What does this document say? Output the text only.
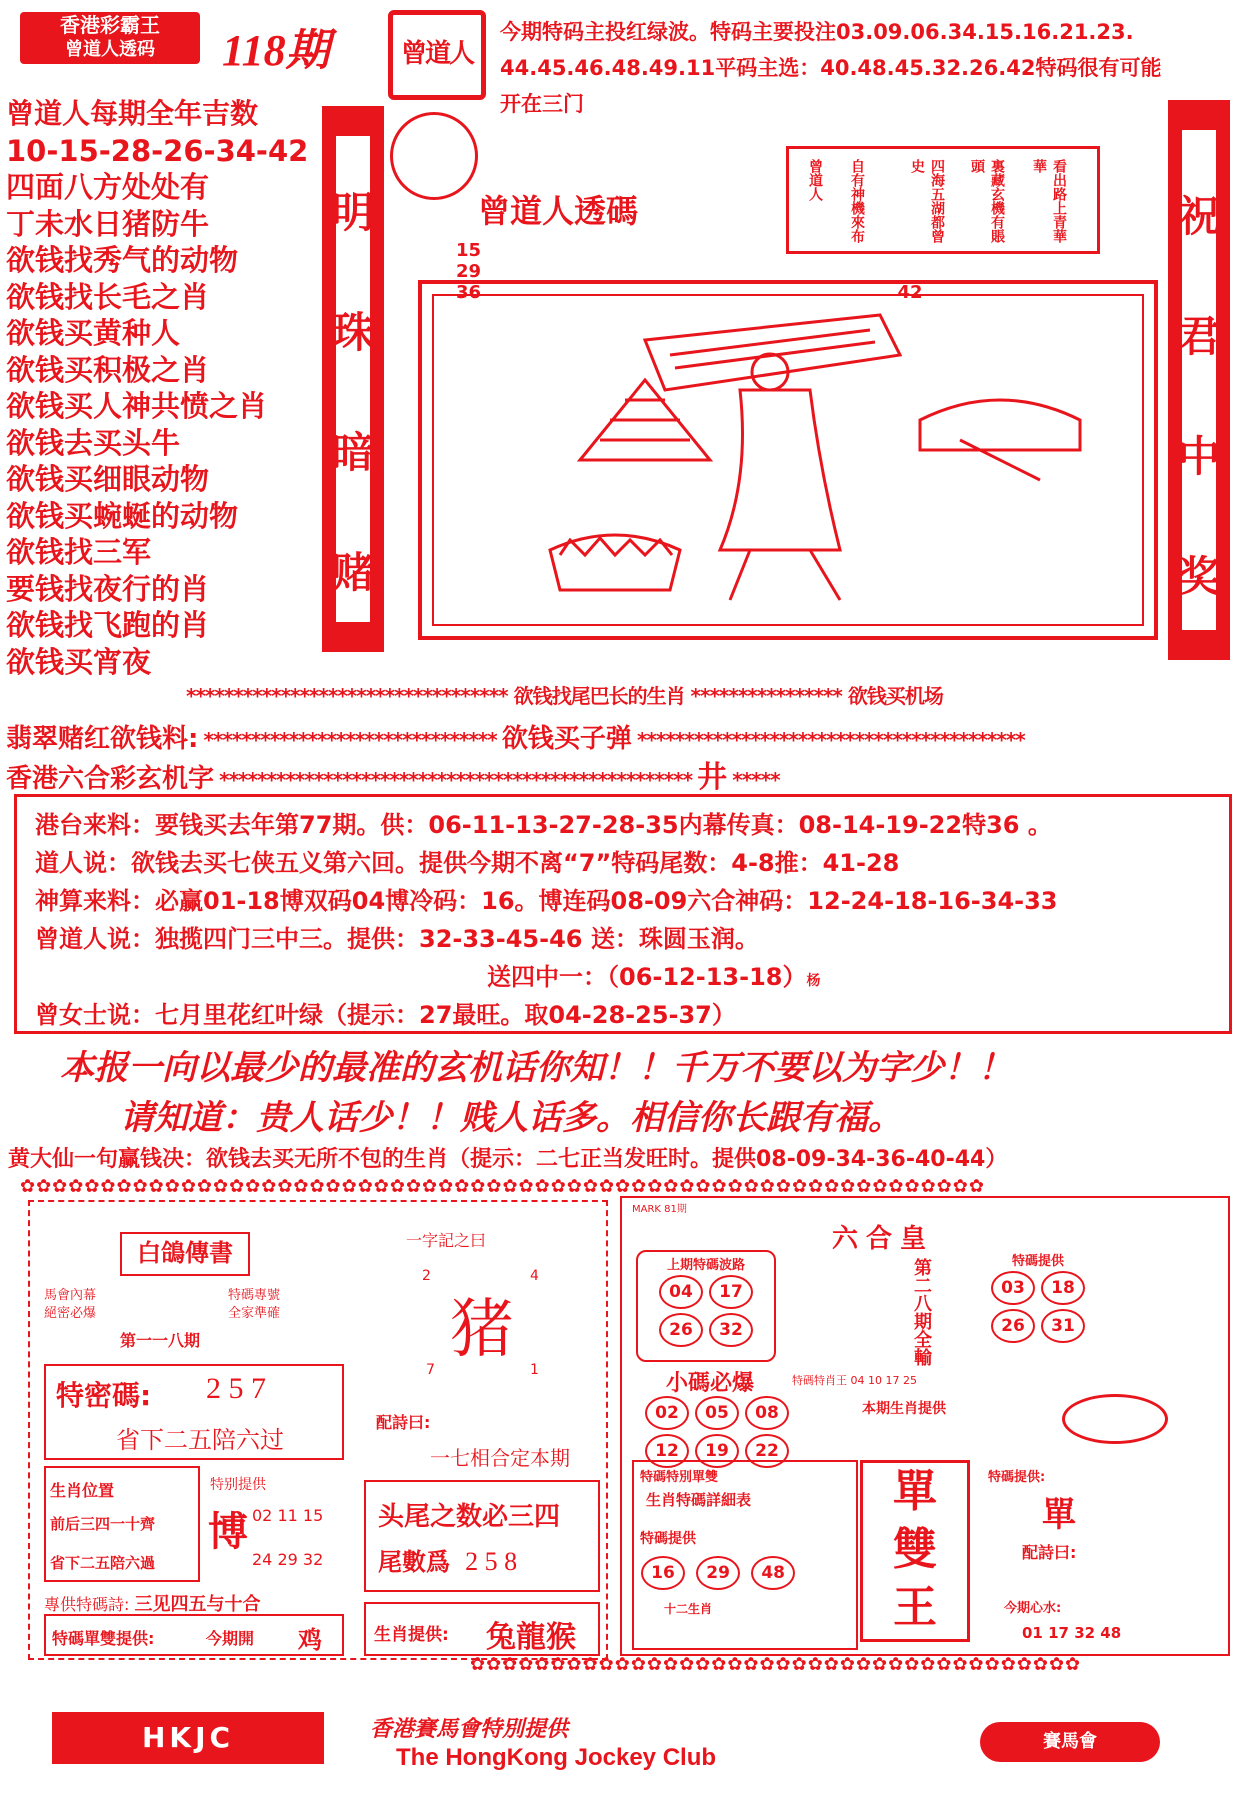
香港彩霸王
曾道人透码	118期	曾道人
今期特码主投红绿波。特码主要投注03.09.06.34.15.16.21.23.
44.45.46.48.49.11平码主选：40.48.45.32.26.42特码很有可能
开在三门
曾道人每期全年吉数
10-15-28-26-34-42
四面八方处处有
丁未水日猪防牛
欲钱找秀气的动物
欲钱找长毛之肖
欲钱买黄种人
欲钱买积极之肖
欲钱买人神共愤之肖
欲钱去买头牛
欲钱买细眼动物
欲钱买蜿蜒的动物
欲钱找三军
要钱找夜行的肖
欲钱找飞跑的肖
欲钱买宵夜
明
珠
暗
赌
祝
君
中
奖
曾道人透碼
15         29         36	42
曾道人 自有神機來布	四海五湖都曾史	裏藏玄機有賬頭	看出路上青華華
********************************** 欲钱找尾巴长的生肖 **************** 欲钱买机场
翡翠赌红欲钱料: ******************************* 欲钱买子弹 *****************************************
香港六合彩玄机字 ************************************************** 井 *****
港台来料：要钱买去年第77期。供：06-11-13-27-28-35内幕传真：08-14-19-22特36 。
道人说：欲钱去买七侠五义第六回。提供今期不离“7”特码尾数：4-8推：41-28
神算来料：必赢01-18博双码04博冷码：16。博连码08-09六合神码：12-24-18-16-34-33
曾道人说：独揽四门三中三。提供：32-33-45-46 送：珠圆玉润。
送四中一：（06-12-13-18）杨
曾女士说：七月里花红叶绿（提示：27最旺。取04-28-25-37）
本报一向以最少的最准的玄机话你知！！千万不要以为字少！！
请知道：贵人话少！！贱人话多。相信你长跟有福。
黄大仙一句赢钱决：欲钱去买无所不包的生肖（提示：二七正当发旺时。提供08-09-34-36-40-44）
✿✿✿✿✿✿✿✿✿✿✿✿✿✿✿✿✿✿✿✿✿✿✿✿✿✿✿✿✿✿✿✿✿✿✿✿✿✿✿✿✿✿✿✿✿✿✿✿✿✿✿✿✿✿✿✿✿✿✿✿
✿✿✿✿✿✿✿✿✿✿✿✿✿✿✿✿✿✿✿✿✿✿✿✿✿✿✿✿✿✿✿✿✿✿✿✿✿✿
白鴿傳書
馬會內幕
絕密必爆
特碼專號
全家準確
第一一八期
特密碼: 2 5 7
省下二五陪六过
生肖位置
前后三四一十齊
省下二五陪六過
特别提供
博 02 11 15
24 29 32
專供特碼詩: 三见四五与十合
特碼單雙提供:	今期開 鸡
一字記之曰
2	4
猪
7	1
配詩曰:
一七相合定本期
头尾之数必三四
尾數爲 2 5 8
生肖提供: 兔龍猴
MARK 81期
六合皇
上期特碼波路
04 17
26 32	第二八期全輸	特碼提供
03 18
26 31
小碼必爆	特碼特肖王 04 10 17 25
02 05 08
12 19 22
本期生肖提供
特碼特別單雙
生肖特碼詳細表
特碼提供
16 29 48
十二生肖
單
雙
王
特碼提供:
單
配詩曰:
今期心水:
01 17 32 48
HKJC	香港賽馬會特別提供
The HongKong Jockey Club
賽馬會
